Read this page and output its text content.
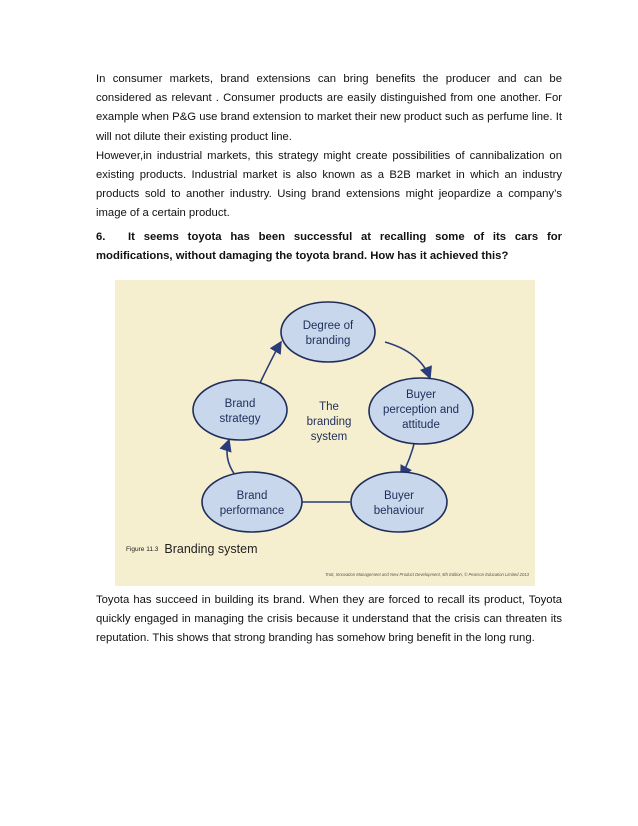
In consumer markets, brand extensions can bring benefits the producer and can be considered as relevant . Consumer products are easily distinguished from one another. For example when P&G use brand extension to market their new product such as perfume line. It will not dilute their existing product line.

However,in industrial markets, this strategy might create possibilities of cannibalization on existing products. Industrial market is also known as a B2B market in which an industry products sold to another industry. Using brand extensions might jeopardize a company’s image of a certain product.

6. It seems toyota has been successful at recalling some of its cars for modifications, without damaging the toyota brand. How has it achieved this?
Degree of
branding
Buyer
perception and
attitude
Buyer
behaviour
Brand
performance
Brand
strategy
The
branding
system
Figure 11.3 Branding system
Trott, Innovation Management and New Product Development, 5th Edition, © Pearson Education Limited 2013
Toyota has succeed in building its brand. When they are forced to recall its product, Toyota quickly engaged in managing the crisis because it understand that the crisis can threaten its reputation. This shows that strong branding has somehow bring benefit in the long rung.
